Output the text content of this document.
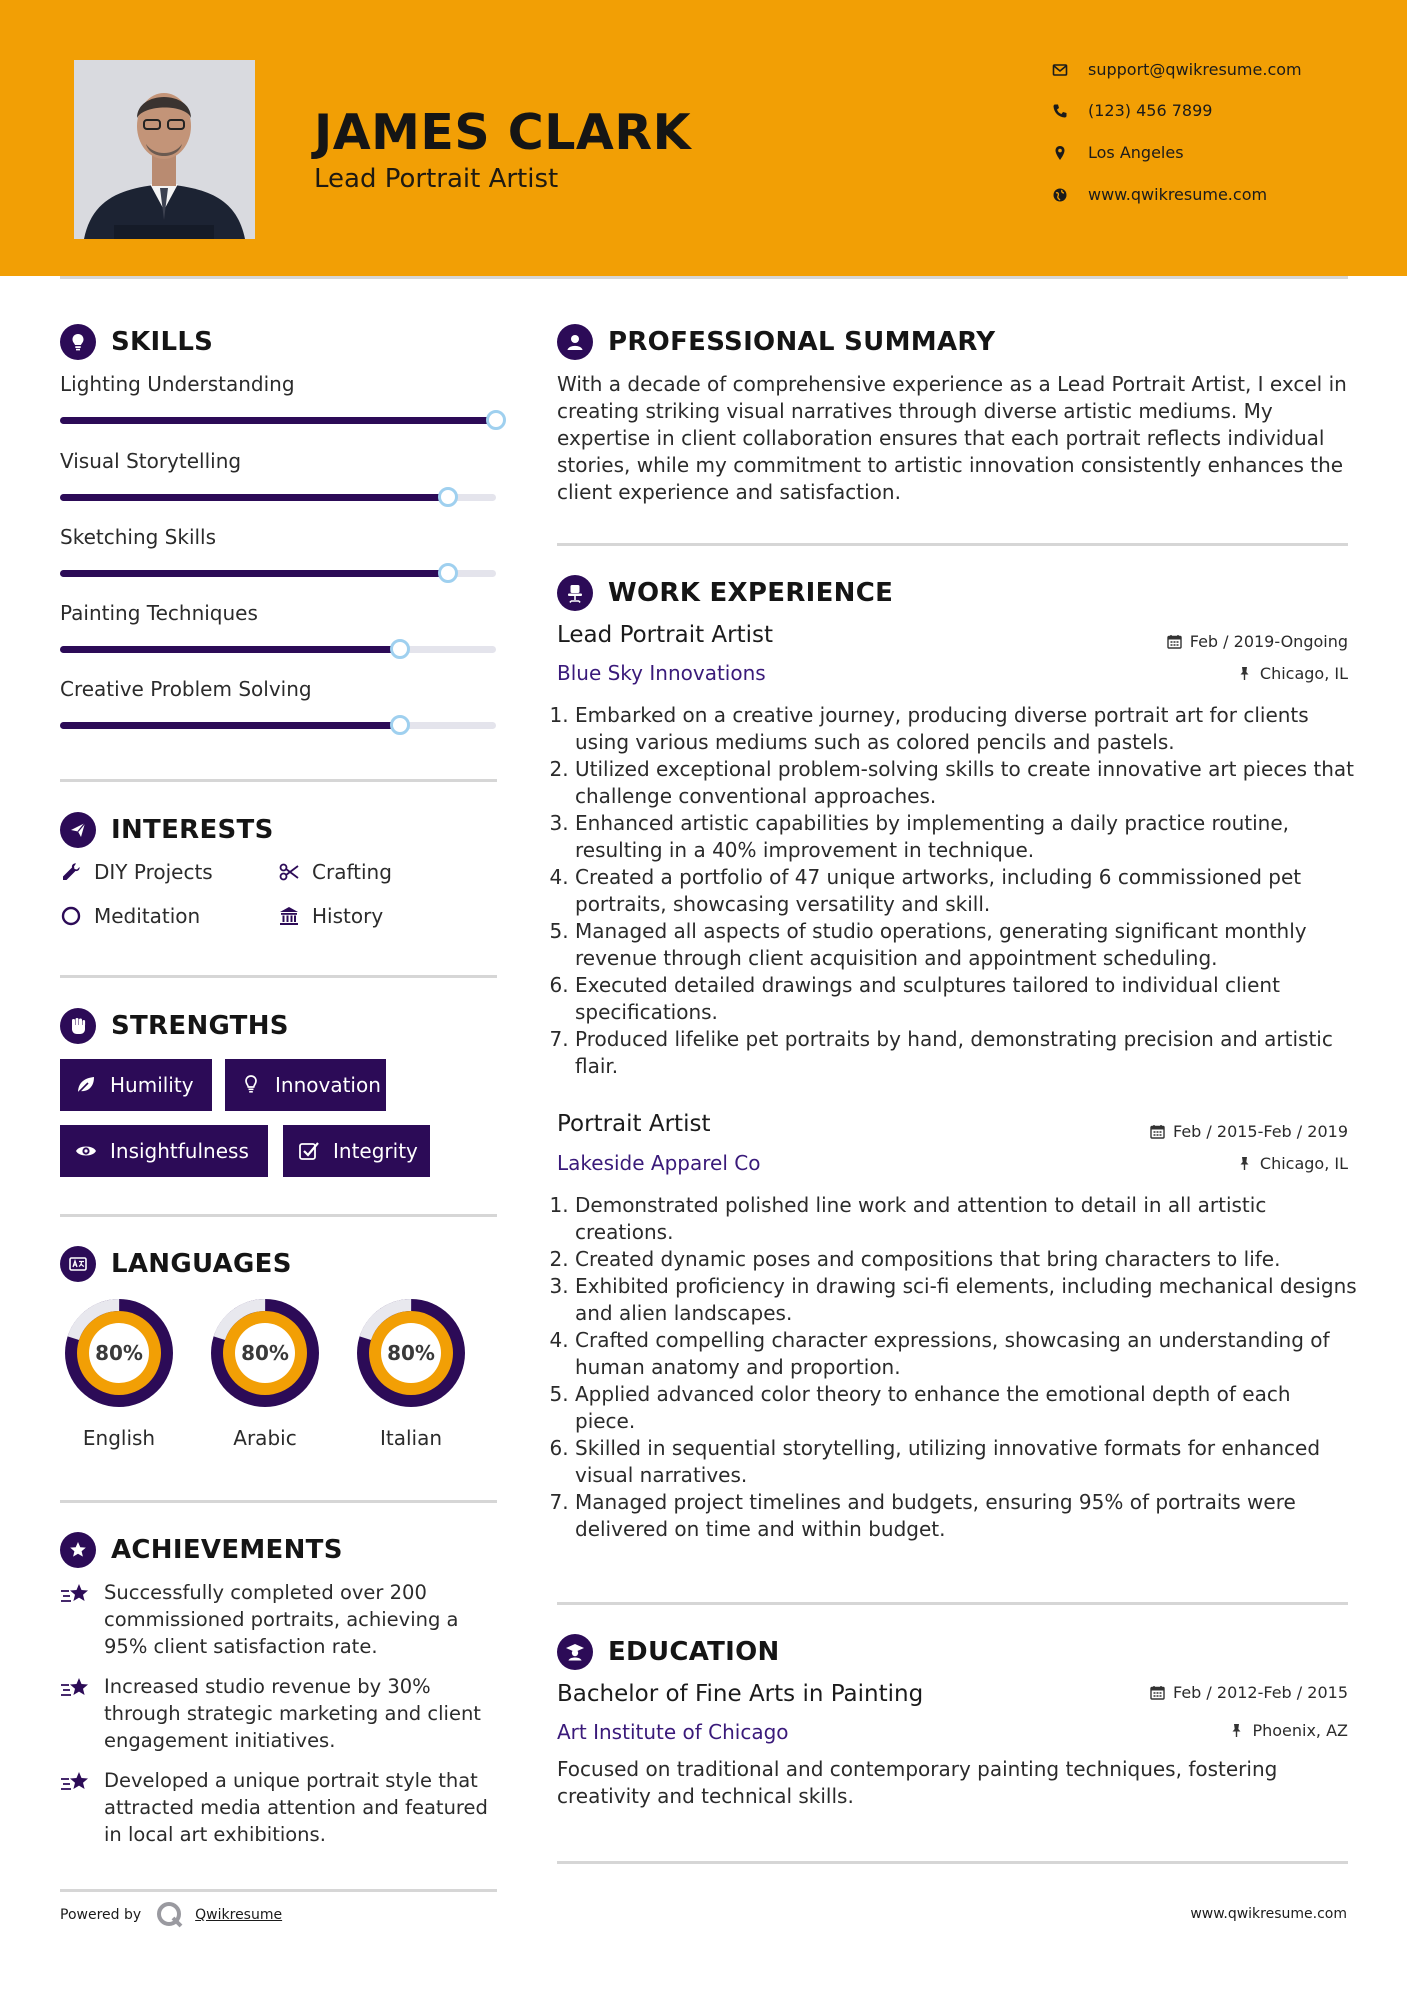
JAMES CLARK
Lead Portrait Artist
support@qwikresume.com
(123) 456 7899
Los Angeles
www.qwikresume.com
SKILLS
Lighting Understanding
Visual Storytelling
Sketching Skills
Painting Techniques
Creative Problem Solving
INTERESTS
DIY Projects	Crafting
Meditation	History
STRENGTHS
Humility	Innovation
Insightfulness	Integrity
LANGUAGES
80%
English
80%
Arabic
80%
Italian
ACHIEVEMENTS
Successfully completed over 200 commissioned portraits, achieving a 95% client satisfaction rate.
Increased studio revenue by 30% through strategic marketing and client engagement initiatives.
Developed a unique portrait style that attracted media attention and featured in local art exhibitions.
Powered by	Qwikresume	www.qwikresume.com
PROFESSIONAL SUMMARY
With a decade of comprehensive experience as a Lead Portrait Artist, I excel in creating striking visual narratives through diverse artistic mediums. My expertise in client collaboration ensures that each portrait reflects individual stories, while my commitment to artistic innovation consistently enhances the client experience and satisfaction.
WORK EXPERIENCE
Lead Portrait Artist	Feb / 2019-Ongoing
Blue Sky Innovations	Chicago, IL
1. Embarked on a creative journey, producing diverse portrait art for clients using various mediums such as colored pencils and pastels.
2. Utilized exceptional problem-solving skills to create innovative art pieces that challenge conventional approaches.
3. Enhanced artistic capabilities by implementing a daily practice routine, resulting in a 40% improvement in technique.
4. Created a portfolio of 47 unique artworks, including 6 commissioned pet portraits, showcasing versatility and skill.
5. Managed all aspects of studio operations, generating significant monthly revenue through client acquisition and appointment scheduling.
6. Executed detailed drawings and sculptures tailored to individual client specifications.
7. Produced lifelike pet portraits by hand, demonstrating precision and artistic flair.
Portrait Artist	Feb / 2015-Feb / 2019
Lakeside Apparel Co	Chicago, IL
1. Demonstrated polished line work and attention to detail in all artistic creations.
2. Created dynamic poses and compositions that bring characters to life.
3. Exhibited proficiency in drawing sci-fi elements, including mechanical designs and alien landscapes.
4. Crafted compelling character expressions, showcasing an understanding of human anatomy and proportion.
5. Applied advanced color theory to enhance the emotional depth of each piece.
6. Skilled in sequential storytelling, utilizing innovative formats for enhanced visual narratives.
7. Managed project timelines and budgets, ensuring 95% of portraits were delivered on time and within budget.
EDUCATION
Bachelor of Fine Arts in Painting	Feb / 2012-Feb / 2015
Art Institute of Chicago	Phoenix, AZ
Focused on traditional and contemporary painting techniques, fostering creativity and technical skills.
